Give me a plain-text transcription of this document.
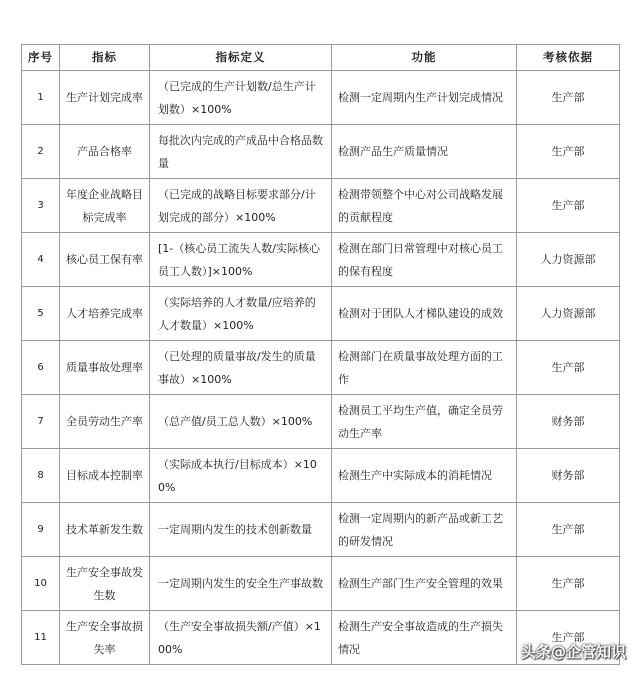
序号	指标	指标定义	功能	考核依据
1	生产计划完成率	（已完成的生产计划数/总生产计划数）×100%	检测一定周期内生产计划完成情况	生产部
2	产品合格率	每批次内完成的产成品中合格品数量	检测产品生产质量情况	生产部
3	年度企业战略目标完成率	（已完成的战略目标要求部分/计划完成的部分）×100%	检测带领整个中心对公司战略发展的贡献程度	生产部
4	核心员工保有率	[1-（核心员工流失人数/实际核心员工人数）]×100%	检测在部门日常管理中对核心员工的保有程度	人力资源部
5	人才培养完成率	（实际培养的人才数量/应培养的人才数量）×100%	检测对于团队人才梯队建设的成效	人力资源部
6	质量事故处理率	（已处理的质量事故/发生的质量事故）×100%	检测部门在质量事故处理方面的工作	生产部
7	全员劳动生产率	（总产值/员工总人数）×100%	检测员工平均生产值，确定全员劳动生产率	财务部
8	目标成本控制率	（实际成本执行/目标成本）×100%	检测生产中实际成本的消耗情况	财务部
9	技术革新发生数	一定周期内发生的技术创新数量	检测一定周期内的新产品或新工艺的研发情况	生产部
10	生产安全事故发生数	一定周期内发生的安全生产事故数	检测生产部门生产安全管理的效果	生产部
11	生产安全事故损失率	（生产安全事故损失额/产值）×100%	检测生产安全事故造成的生产损失情况	生产部
头条@企管知识
